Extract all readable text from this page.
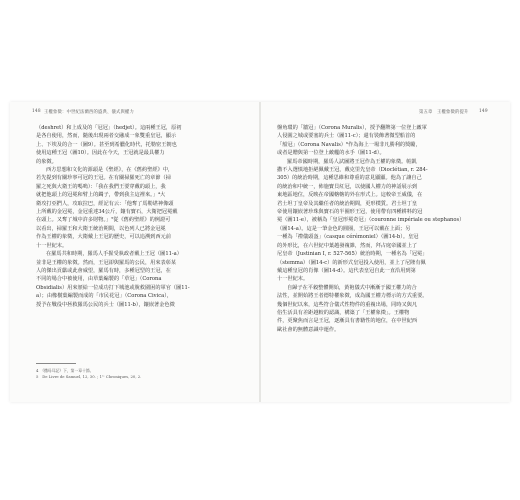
148 王權象徵：中世紀法蘭西的盛典、儀式與權力

（deshret）和上成及的「冠冠」（hedjet）。這兩種王冠，原初

是各自使用，然而，隨後出現兩者交融成一象雙重皇冠，顯示

上、下埃及的合一（圖9）。甚至到希臘化時代，托勒密王朝也

使用這種王冠（圖10）。因此在今天，王冠就是最具權力

的象徵。

西方思想和文化的源頭是《聖經》，在《舊約聖經》中，

若先提到有關珍寧可冠的王冠。在有關掃羅死亡的章節（掃

羅之死與大衛王的嗎嗚）：「我在我們王要穿戴的頭上，我

就把他頭上的冠冕和臂上的鐲子，帶到我主這裡來。」⁴大

衛攻打亞捫人，攻取拉巴，經記有云：「他奪了馬勒堪神像頭

上所戴的金冠冕，金冠重達34公斤，鑲有寶石，大衛把冠冕戴

在頭上。又奪了城中許多財物。」⁵從《舊約聖經》的例證可

以看出，掃羅王和大衛王統治期間，以色列人已將金冠冕

作為王權的象徵，大衛戴上王冠的歷史，可以追溯到西元前

十一世紀末。

在羅馬共和時期，羅馬人手握受執政者戴上王冠（圖11-a）

並非是王權的象徵。然而，王冠卻與羅馬的公民，用來表彰某

人的傑出貢獻或此會威望，羅馬有時，多種冠型的王冠，在

不同的場合中被使用，由草葉編製的「草冠」（Corona

Obsidialis）用來頒給一位成功打下城池或脫救圍困的軍官（圖11-

a）；由橡樹葉編製而成的「市民花冠」（Corona Civica），

授予在戰役中拯救羅馬公民的兵士（圖11-b），鑲嵌著金色徵

4　《撒母耳記》下，第一章十節。
5　De Livre de Samuel, 12, 30. ; 1ʳᵉ Chroniques, 20, 2.
第五章　王權象徵的提升 149

盤角環的「牆冠」（Corona Muralis），授予翻牌第一位登上敵軍

人侵圍之城或要塞的兵士（圖11-c）；還有裝飾著微型船首的

「船冠」（Corona Navalis）⁶作為海上一場非凡勝利的獎勵，

或者是贈與第一位登上敵艦的水手（圖11-d）。

羅馬帝國時期，羅馬人試圖將王冠作為王權的象徵。帕凱

撒不入選慎地拒絕佩戴王冠，戴克里先皇帝（Dioclétian, r. 284-

305）的統治時期，這種思維和尊重的意見顯顯。他為了讓自己

的統治和中統一，佈施寶貝紅冠，以使國人權力的神話展示到

東地區地位，反映在帝國轄轄的外在形式上。這較帝王威儀，在

君士坦丁皇帝及其繼任者的統治期間，更形樸質。君士坦丁皇

帝使用鑲嵌著珍珠與寶石的半圈形王冠，使用帶有四種耕料的冠

冕（圖11-e），被稱為「皇冠形冕奇冠」（couronne impériale ou stephanos）

（圖14-a）。這是一筆金色的圓圈，王冠可以戴在上面；另

一種為「禮儀頭盔」（casque cérémoniel）（圖14-b）。皇冠

的外形比，在六世紀中葉越發複雜，然而，拜占庭帝國並上了

尼皇帝（Justinian I, r. 527-565）統治時期，一種名為「冠冕」

（stemma）（圖14-c）的新形式皇冠投入使用，並上了尼隆有佩

戴這種皇冠的肖像（圖14-d）。這代表皇冠自此一直沿用到第

十一世紀末。

自歸子在平穀整體開始，黃袍儀式中漸漸于國王權力的合

法性，並開始將王者德特權象徵，成為國王權力標示的方式重要。

幾個世紀以來，這些符合儀式性物件的重複出場，同時又與凡

俗生活具有差距越較的認識，構築了「王權象徵」。王權物

件，更聚焦而言是王冠，逐漸具有書籍性的地位，在中世紀西

歐社會的無體意識中運作。
